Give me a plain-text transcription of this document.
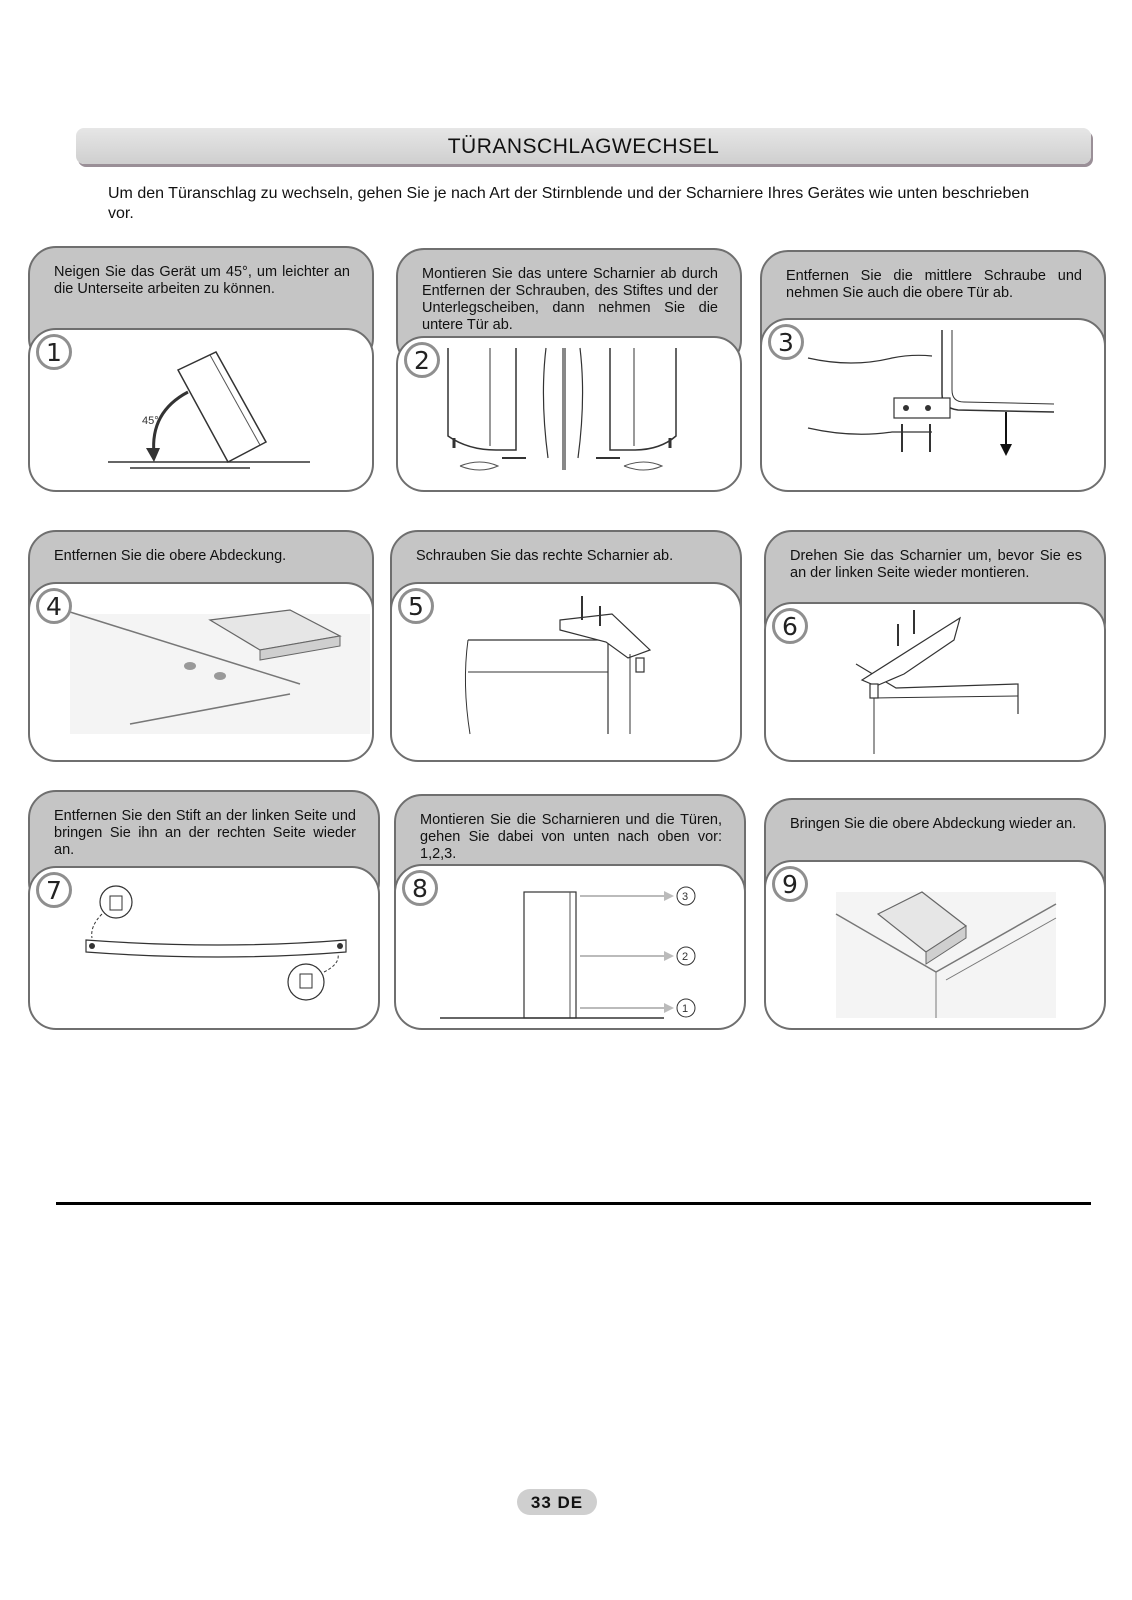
TÜRANSCHLAGWECHSEL
Um den Türanschlag zu wechseln, gehen Sie je nach Art der Stirnblende und der Scharniere Ihres Gerätes wie unten beschrieben vor.
Neigen Sie das Gerät um 45°, um leichter an die Unterseite arbeiten zu können.
1
45°
Montieren Sie das untere Scharnier ab durch Entfernen der Schrauben, des Stiftes und der Unterlegscheiben, dann nehmen Sie die untere Tür ab.
2
Entfernen Sie die mittlere Schraube und nehmen Sie auch die obere Tür ab.
3
Entfernen Sie die obere Abdeckung.
4
Schrauben Sie das rechte Scharnier ab.
5
Drehen Sie das Scharnier um, bevor Sie es an der linken Seite wieder montieren.
6
Entfernen Sie den Stift an der linken Seite und bringen Sie ihn an der rechten Seite wieder an.
7
Montieren Sie die Scharnieren und die Türen, gehen Sie dabei von unten nach oben vor: 1,2,3.
8	3
2
1
Bringen Sie die obere Abdeckung wieder an.
9
33 DE
